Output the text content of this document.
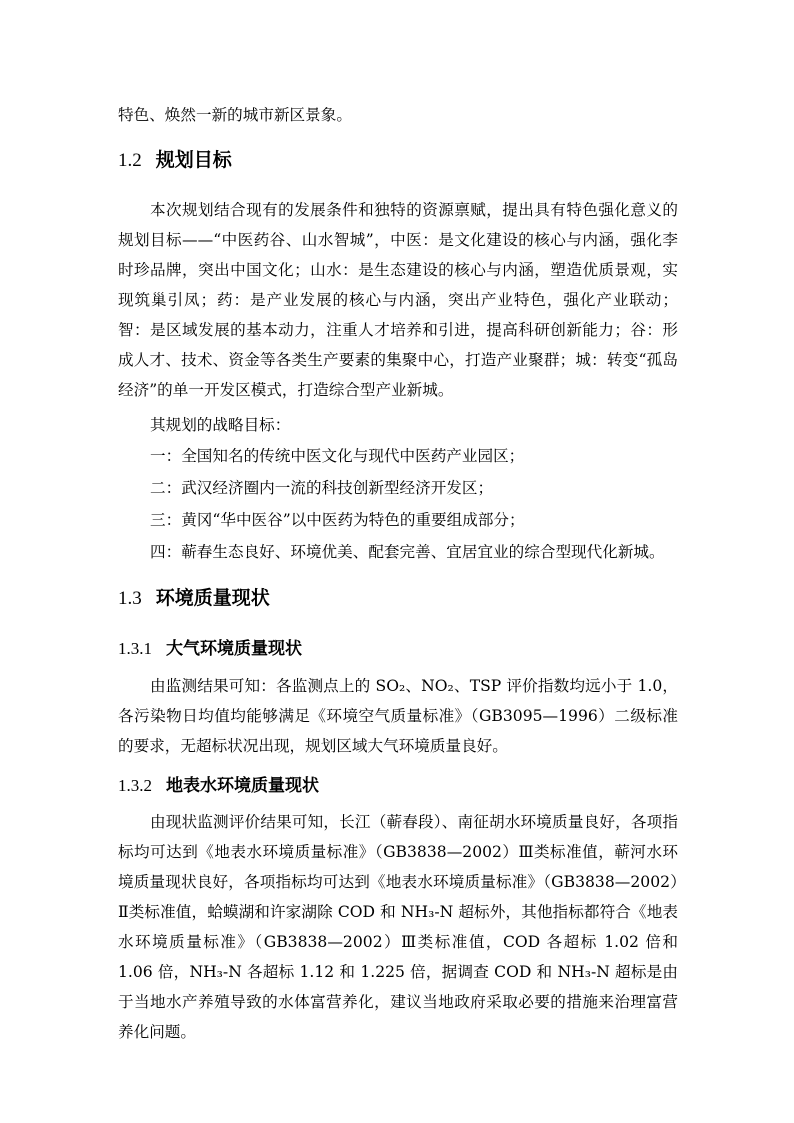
特色、焕然一新的城市新区景象。

1.2 规划目标

本次规划结合现有的发展条件和独特的资源禀赋，提出具有特色强化意义的规划目标——“中医药谷、山水智城”，中医：是文化建设的核心与内涵，强化李时珍品牌，突出中国文化；山水：是生态建设的核心与内涵，塑造优质景观，实现筑巢引凤；药：是产业发展的核心与内涵，突出产业特色，强化产业联动；智：是区域发展的基本动力，注重人才培养和引进，提高科研创新能力；谷：形成人才、技术、资金等各类生产要素的集聚中心，打造产业聚群；城：转变“孤岛经济”的单一开发区模式，打造综合型产业新城。

其规划的战略目标：

一：全国知名的传统中医文化与现代中医药产业园区；

二：武汉经济圈内一流的科技创新型经济开发区；

三：黄冈“华中医谷”以中医药为特色的重要组成部分；

四：蕲春生态良好、环境优美、配套完善、宜居宜业的综合型现代化新城。

1.3 环境质量现状
1.3.1 大气环境质量现状

由监测结果可知：各监测点上的 SO₂、NO₂、TSP 评价指数均远小于 1.0，各污染物日均值均能够满足《环境空气质量标准》（GB3095—1996）二级标准的要求，无超标状况出现，规划区域大气环境质量良好。

1.3.2 地表水环境质量现状

由现状监测评价结果可知，长江（蕲春段）、南征胡水环境质量良好，各项指标均可达到《地表水环境质量标准》（GB3838—2002）Ⅲ类标准值，蕲河水环境质量现状良好，各项指标均可达到《地表水环境质量标准》（GB3838—2002）Ⅱ类标准值，蛤蟆湖和许家湖除 COD 和 NH₃-N 超标外，其他指标都符合《地表水环境质量标准》（GB3838—2002）Ⅲ类标准值，COD 各超标 1.02 倍和 1.06 倍，NH₃-N 各超标 1.12 和 1.225 倍，据调查 COD 和 NH₃-N 超标是由于当地水产养殖导致的水体富营养化，建议当地政府采取必要的措施来治理富营养化问题。
